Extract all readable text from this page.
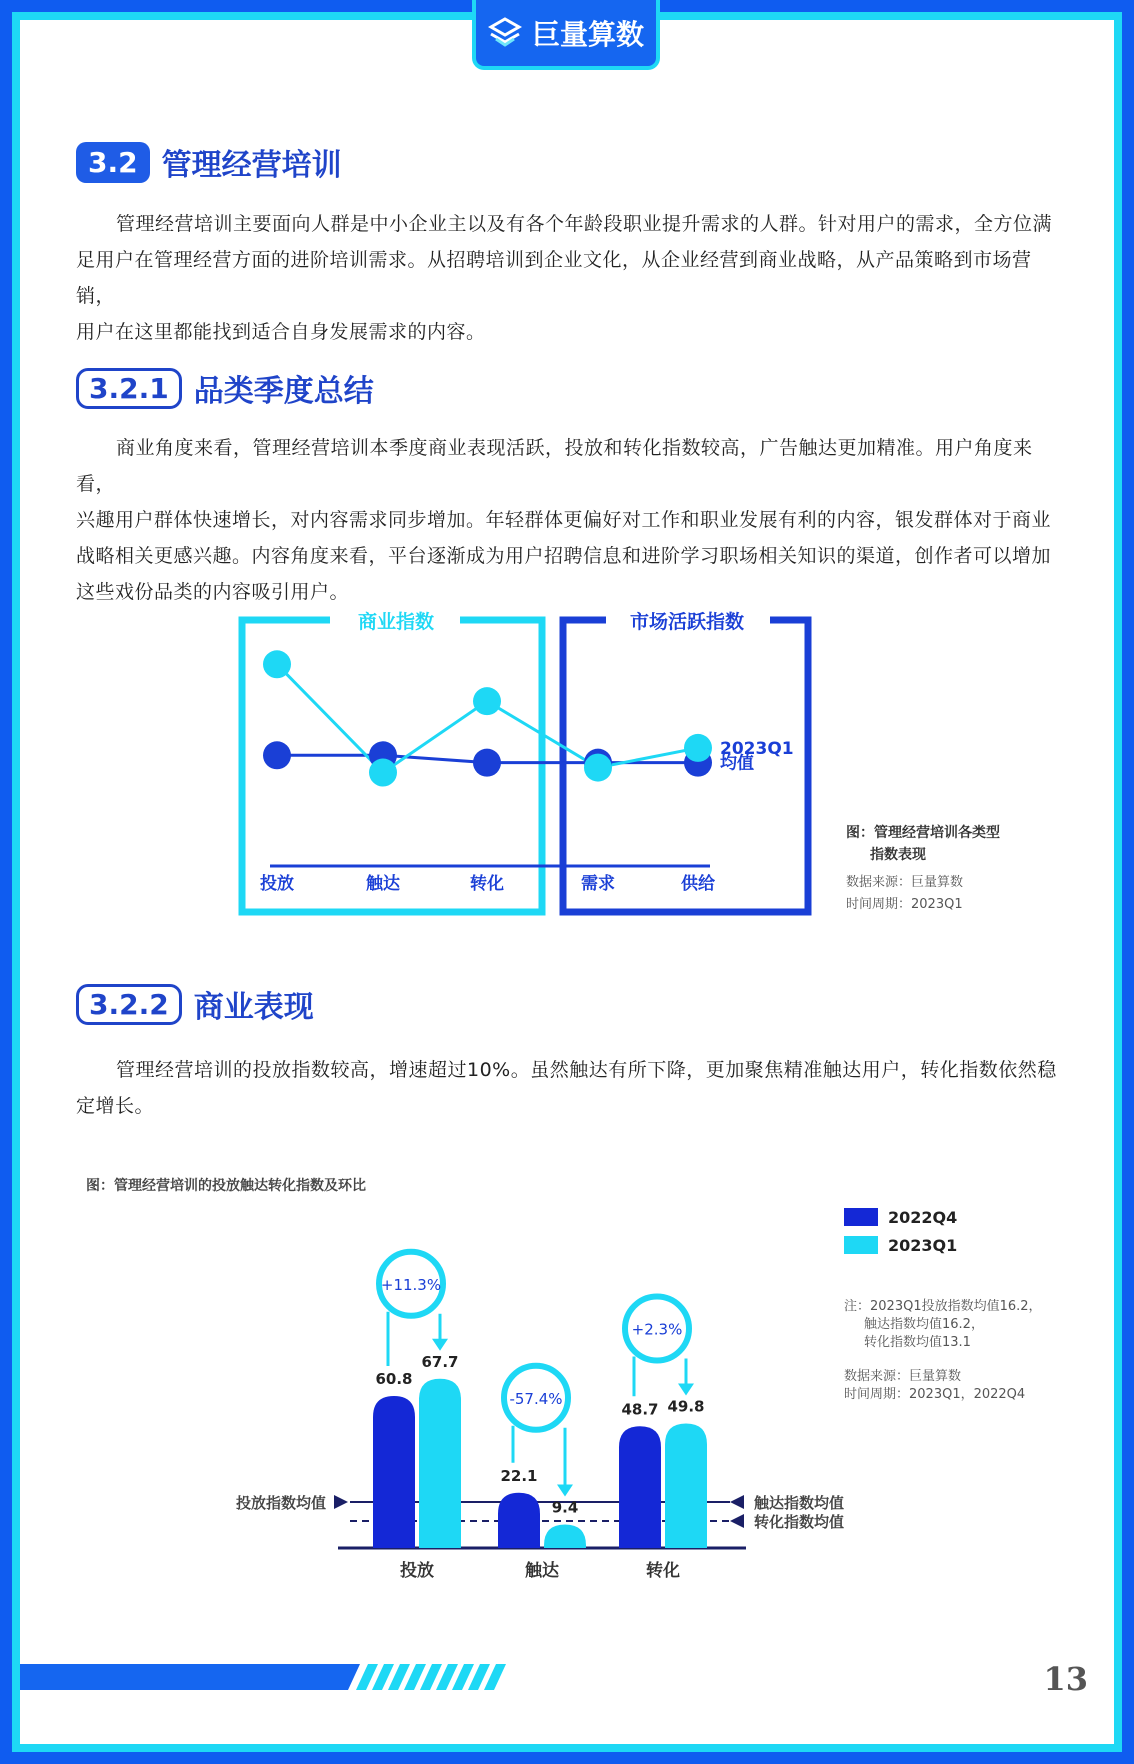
巨量算数
3.2 管理经营培训
管理经营培训主要面向人群是中小企业主以及有各个年龄段职业提升需求的人群。针对用户的需求，全方位满
足用户在管理经营方面的进阶培训需求。从招聘培训到企业文化，从企业经营到商业战略，从产品策略到市场营销，
用户在这里都能找到适合自身发展需求的内容。
3.2.1 品类季度总结
商业角度来看，管理经营培训本季度商业表现活跃，投放和转化指数较高，广告触达更加精准。用户角度来看，
兴趣用户群体快速增长，对内容需求同步增加。年轻群体更偏好对工作和职业发展有利的内容，银发群体对于商业
战略相关更感兴趣。内容角度来看，平台逐渐成为用户招聘信息和进阶学习职场相关知识的渠道，创作者可以增加
这些戏份品类的内容吸引用户。
商业指数	市场活跃指数
投放	触达	转化	需求	供给
均值
2023Q1
图：管理经营培训各类型
指数表现
数据来源：巨量算数
时间周期：2023Q1
3.2.2 商业表现
管理经营培训的投放指数较高，增速超过10%。虽然触达有所下降，更加聚焦精准触达用户，转化指数依然稳
定增长。
图：管理经营培训的投放触达转化指数及环比
投放指数均值	触达指数均值
转化指数均值
60.8
67.7
投放
+11.3%
22.1
9.4
触达
-57.4%
48.7 49.8
转化
+2.3%
2022Q4
2023Q1
注：2023Q1投放指数均值16.2，
触达指数均值16.2，
转化指数均值13.1
数据来源：巨量算数
时间周期：2023Q1，2022Q4
13
